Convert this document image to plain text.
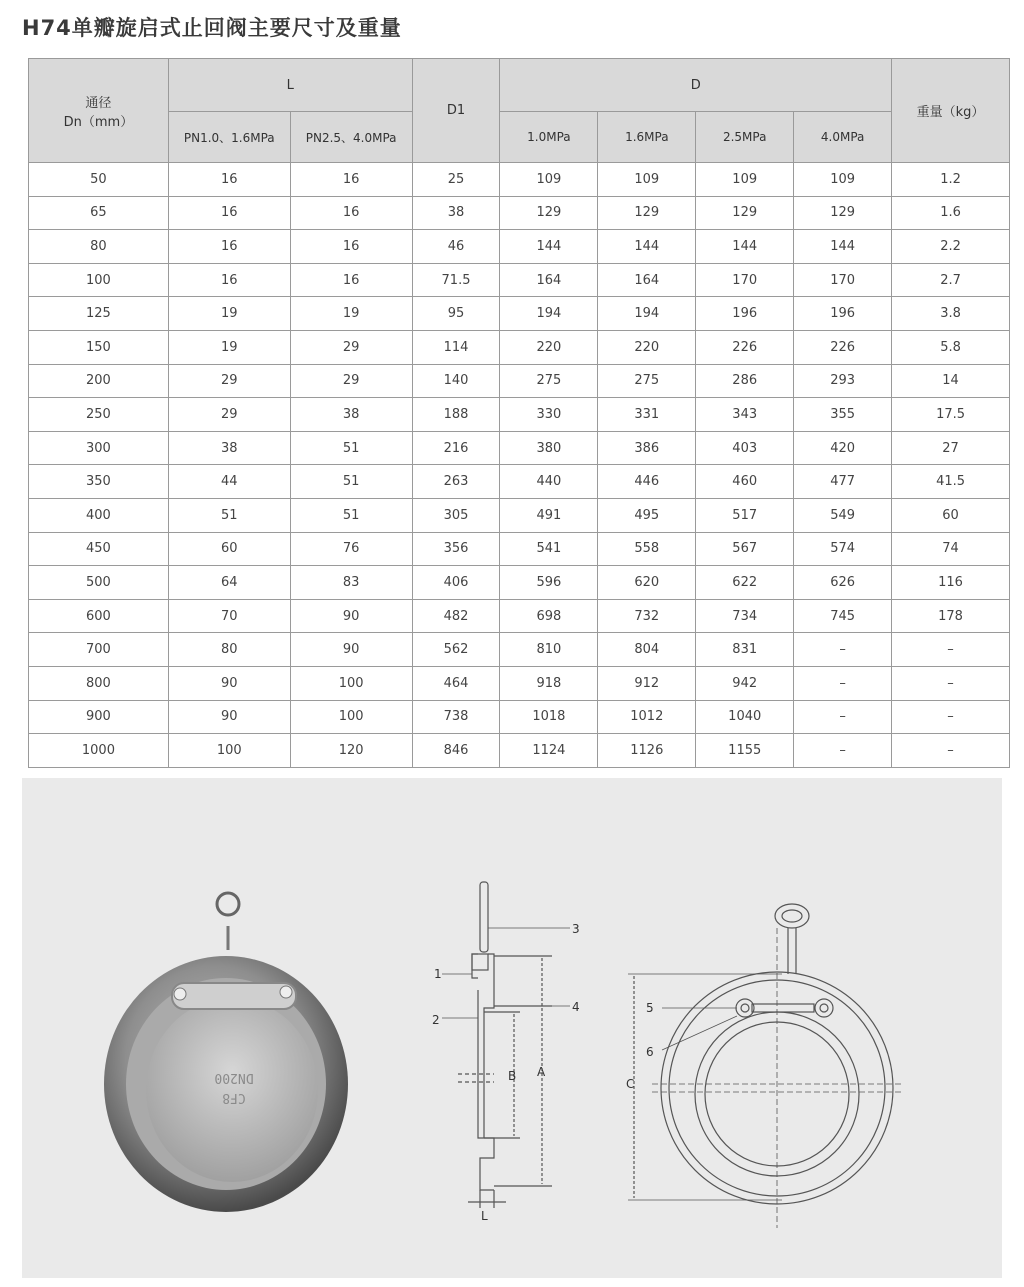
H74单瓣旋启式止回阀主要尺寸及重量
通径
Dn（mm）	L		D1	D				重量（kg）
	PN1.0、1.6MPa	PN2.5、4.0MPa		1.0MPa	1.6MPa	2.5MPa	4.0MPa	
50	16	16	25	109	109	109	109	1.2
65	16	16	38	129	129	129	129	1.6
80	16	16	46	144	144	144	144	2.2
100	16	16	71.5	164	164	170	170	2.7
125	19	19	95	194	194	196	196	3.8
150	19	29	114	220	220	226	226	5.8
200	29	29	140	275	275	286	293	14
250	29	38	188	330	331	343	355	17.5
300	38	51	216	380	386	403	420	27
350	44	51	263	440	446	460	477	41.5
400	51	51	305	491	495	517	549	60
450	60	76	356	541	558	567	574	74
500	64	83	406	596	620	622	626	116
600	70	90	482	698	732	734	745	178
700	80	90	562	810	804	831	–	–
800	90	100	464	918	912	942	–	–
900	90	100	738	1018	1012	1040	–	–
1000	100	120	846	1124	1126	1155	–	–
DN200
CF8
3
1
4
2
B A
L
5
6
C
